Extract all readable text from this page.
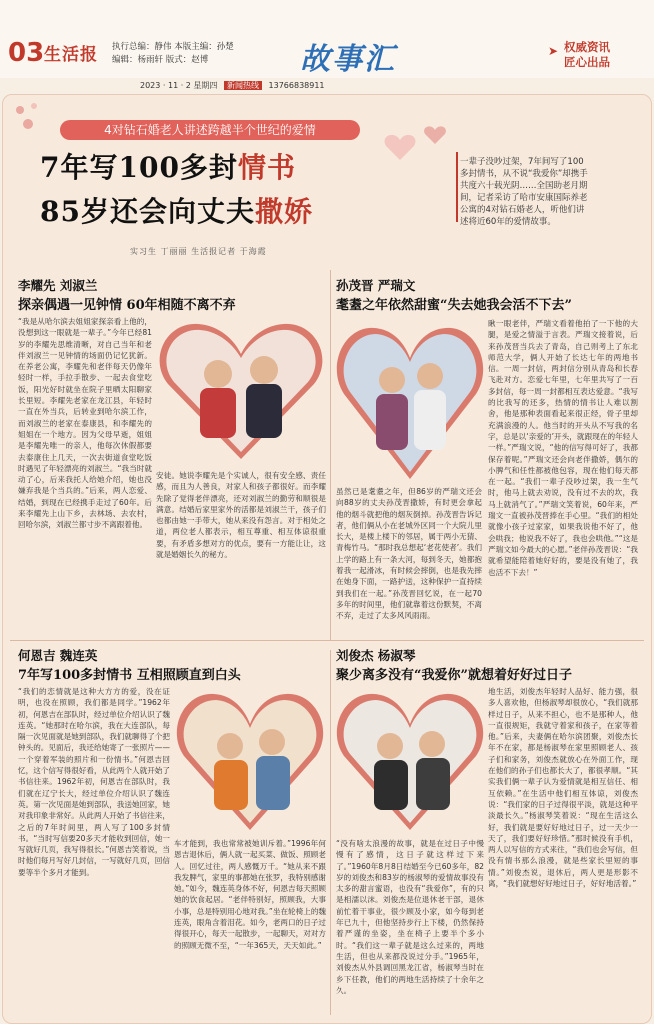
03 生活报 执行总编：静伟 本版主编：孙楚
编辑：杨雨轩 版式：赵博	故事汇	➤ 权威资讯
匠心出品
2023 · 11 · 2 星期四 新闻热线 13766838911
4对钻石婚老人讲述跨越半个世纪的爱情
7年写100多封情书
85岁还会向丈夫撒娇
实习生 丁丽丽 生活报记者 于海霞
一辈子没吵过架，7年间写了100多封情书，从不说“我爱你”却携手共度六十载光阴……全国助老月期间，记者采访了哈市安康国际养老公寓的4对钻石婚老人，听他们讲述将近60年的爱情故事。
李耀先 刘淑兰
探亲偶遇一见钟情 60年相随不离不弃
“我是从哈尔滨去姐姐家探亲看上他的，没想到这一眼就是一辈子。”今年已经81岁的李耀先思维清晰，对自己当年和老伴刘淑兰一见钟情的场面仍记忆犹新。在养老公寓，李耀先和老伴每天仍像年轻时一样，手拉手散步、一起去食堂吃饭，阳光好时就坐在院子里晒太阳聊家长里短。李耀先老家在龙江县，年轻时一直在外当兵，后转业到哈尔滨工作，而刘淑兰的老家在泰康县，和李耀先的姐姐在一个地方。因为父母早逝，姐姐是李耀先唯一的亲人，他每次休假都要去泰康住上几天，一次去街道食堂吃饭时遇见了年轻漂亮的刘淑兰。“我当时就动了心，后来我托人给她介绍，她也没嫌弃我是个当兵的。”后来，两人恋爱、结婚，到现在已经携手走过了60年。后来李耀先上山下乡，去林场、去农村，回哈尔滨，刘淑兰都寸步不离跟着他。
安徒。她说李耀先是个实诚人，很有安全感、责任感，而且为人善良，对家人和孩子都很好。而李耀先除了觉得老伴漂亮，还对刘淑兰的勤劳和顺很是满意。结婚后家里家外的活都是刘淑兰干，孩子们也都由她一手带大，她从来没有怨言。对于相处之道，两位老人都表示，相互尊重、相互体谅很重要，有矛盾多想对方的优点，要有一方能让让，这就是婚姻长久的秘方。
孙茂晋 严瑞文
耄耋之年依然甜蜜“失去她我会活不下去”
虽然已是耄耋之年，但86岁的严瑞文还会向88岁的丈夫孙茂晋撒娇，有时更会拿起他的烟斗就把他的烟灰倒掉。孙茂晋告诉记者，他们俩从小在老城外区同一个大院儿里长大，是楼上楼下的邻居，属于两小无猜、青梅竹马。“那时我总想起‘老花使者’。我们上学的路上有一条大河，每到冬天，她都抱着我一起滑冰，有时候会摔倒，也是我先摔在她身下面，一路护送，这种保护一直持续到我们在一起。”孙茂晋回忆说，在一起70多年的时间里，他们就靠着这份默契，不离不弃，走过了太多风风雨雨。
瞅一眼老伴，严瑞文看着他拍了一下他的大腿，是爱之情溢于言表。严瑞文接着说，后来孙茂晋当兵去了青岛，自己则考上了东北师范大学，俩人开始了长达七年的两地书信。一周一封信，两封信分别从青岛和长春飞赴对方。恋爱七年里，七年里共写了一百多封信，每一周一封都相互表达爱意。“我写的比我写的还多，热情的情书让人难以割舍，他是那种表面看起来很正经，骨子里却充满浪漫的人。他当时的开头从不写我的名字，总是以‘亲爱的’开头，就跟现在的年轻人一样。”严瑞文说，“他的信写得可好了，我都保存着呢。”严瑞文还会向老伴撒娇，偶尔的小脾气和任性都被他包容，现在他们每天都在一起。“我们一辈子没吵过架，我一生气时，他马上就去劝说，没有过不去的坎，我马上就消气了。”严瑞文笑着说，60年来，严瑞文一直被孙茂晋捧在手心里。“我们的相处就像小孩子过家家，如果我说他不好了，他会哄我；他说我不好了，我也会哄他。”“这是严瑞文如今最大的心愿。”老伴孙茂晋说：“我就希望能陪着她好好的，要是没有她了，我也活不下去！”
何恩吉 魏连英
7年写100多封情书 互相照顾直到白头
“我们的恋情就是这种大方方的爱，没在证明，也没在照顾，我们都是同学。”1962年初，何恩吉在部队时，经过单位介绍认识了魏连英。“她那时在哈尔滨，我在大连部队，每隔一次见面就是她到部队，我们就聊得了个把钟头的。见面后，我还给她寄了一张照片——一个穿着军装的照片和一份情书。”何恩吉回忆，这个信写得很好看，从此两个人就开始了书信往来。1962年初，何恩吉在部队时，我们就在辽宁长大，经过单位介绍认识了魏连英。第一次见面是她到部队，我送她回家，她对我印象非常好。从此两人开始了书信往来，之后的7年时间里，两人写了100多封情书。“当时写信要20多天才能收到回信，她一写就好几页，我写得很长。”何恩吉笑着说，当时他们每月写好几封信，一写就好几页，回信要等半个多月才能到。
车才能到，我也常常被她训斥着。”1996年何恩吉退休后，俩人就一起买菜、做饭、照顾老人。回忆过往，两人感慨万千。“她从来不跟我发脾气，家里的事都她在张罗，我特别感谢她。”如今，魏连英身体不好，何恩吉每天照顾她的饮食起居。“老伴特别好，照顾我，大事小事，总是特别用心地对我。”坐在轮椅上的魏连英，眼角含着泪花。如今，老两口的日子过得很开心，每天一起散步，一起聊天，对对方的照顾无微不至，“一年365天，天天如此。”
刘俊杰 杨淑琴
聚少离多没有“我爱你”就想着好好过日子
“没有啥太浪漫的故事，就是在过日子中慢慢有了感情，这日子就这样过下来了。”1960年8月8日结婚至今已60多年，82岁的刘俊杰和83岁的杨淑琴的爱情故事没有太多的甜言蜜语，也没有“我爱你”，有的只是相濡以沫。刘俊杰是位退休老干部，退休前忙着干事业，很少顾及小家，如今每到老年已九十，但他坚持步行上下楼，仍然保持着严谨的坐姿，坐在椅子上要半个多小时。“我们这一辈子就是这么过来的，两地生活，但也从来都没说过分手。”1965年，刘俊杰从外县调回黑龙江省，杨淑琴当时在乡下任教，他们的两地生活持续了十余年之久。
地生活，刘俊杰年轻时人品好、能力强，很多人喜欢他，但杨淑琴却很放心，“我们就那样过日子，从来不担心，也不是那种人，他一直很规矩，我就守着家和孩子，在家等着他。”后来，夫妻俩在哈尔滨团聚，刘俊杰长年不在家，都是杨淑琴在家里照顾老人、孩子们和家务，刘俊杰就放心在外面工作，现在他们的孙子们也都长大了，都很孝顺。“其实我们俩一辈子认为爱情就是相互信任、相互依赖。”在生活中他们相互体谅，刘俊杰说：“我们家的日子过得很平淡，就是这种平淡最长久。”杨淑琴笑着说：“现在生活这么好，我们就是要好好地过日子，过一天少一天了，我们要好好珍惜。”那时候没有手机，两人以写信的方式来往，“我们也会写信，但没有情书那么浪漫，就是些家长里短的事情。”刘俊杰说，退休后，两人更是形影不离，“我们就想好好地过日子，好好地活着。”
